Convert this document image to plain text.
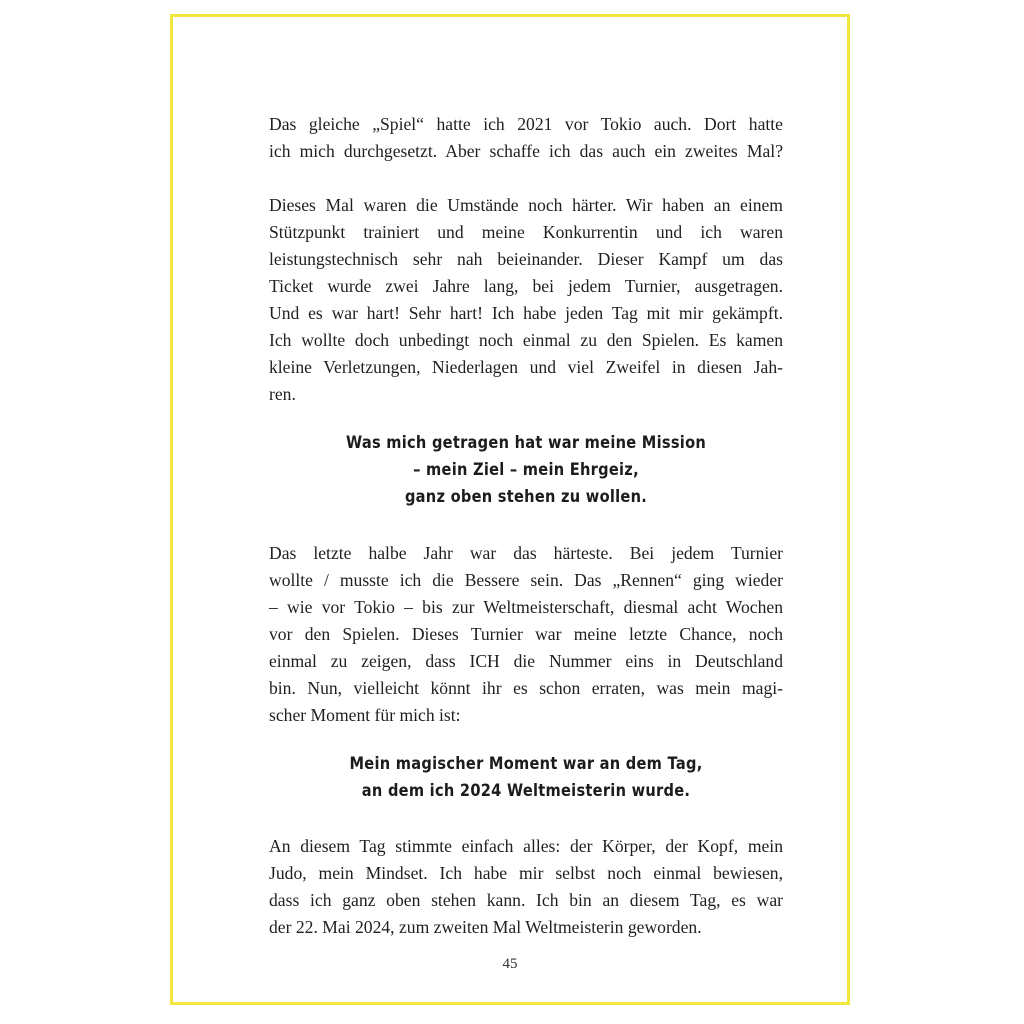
Das gleiche „Spiel“ hatte ich 2021 vor Tokio auch. Dort hatte
ich mich durchgesetzt. Aber schaffe ich das auch ein zweites Mal?
Dieses Mal waren die Umstände noch härter. Wir haben an einem
Stützpunkt trainiert und meine Konkurrentin und ich waren
leistungstechnisch sehr nah beieinander. Dieser Kampf um das
Ticket wurde zwei Jahre lang, bei jedem Turnier, ausgetragen.
Und es war hart! Sehr hart! Ich habe jeden Tag mit mir gekämpft.
Ich wollte doch unbedingt noch einmal zu den Spielen. Es kamen
kleine Verletzungen, Niederlagen und viel Zweifel in diesen Jah-
ren.
Was mich getragen hat war meine Mission
– mein Ziel – mein Ehrgeiz,
ganz oben stehen zu wollen.
Das letzte halbe Jahr war das härteste. Bei jedem Turnier
wollte / musste ich die Bessere sein. Das „Rennen“ ging wieder
– wie vor Tokio – bis zur Weltmeisterschaft, diesmal acht Wochen
vor den Spielen. Dieses Turnier war meine letzte Chance, noch
einmal zu zeigen, dass ICH die Nummer eins in Deutschland
bin. Nun, vielleicht könnt ihr es schon erraten, was mein magi-
scher Moment für mich ist:
Mein magischer Moment war an dem Tag,
an dem ich 2024 Weltmeisterin wurde.
An diesem Tag stimmte einfach alles: der Körper, der Kopf, mein
Judo, mein Mindset. Ich habe mir selbst noch einmal bewiesen,
dass ich ganz oben stehen kann. Ich bin an diesem Tag, es war
der 22. Mai 2024, zum zweiten Mal Weltmeisterin geworden.
45
